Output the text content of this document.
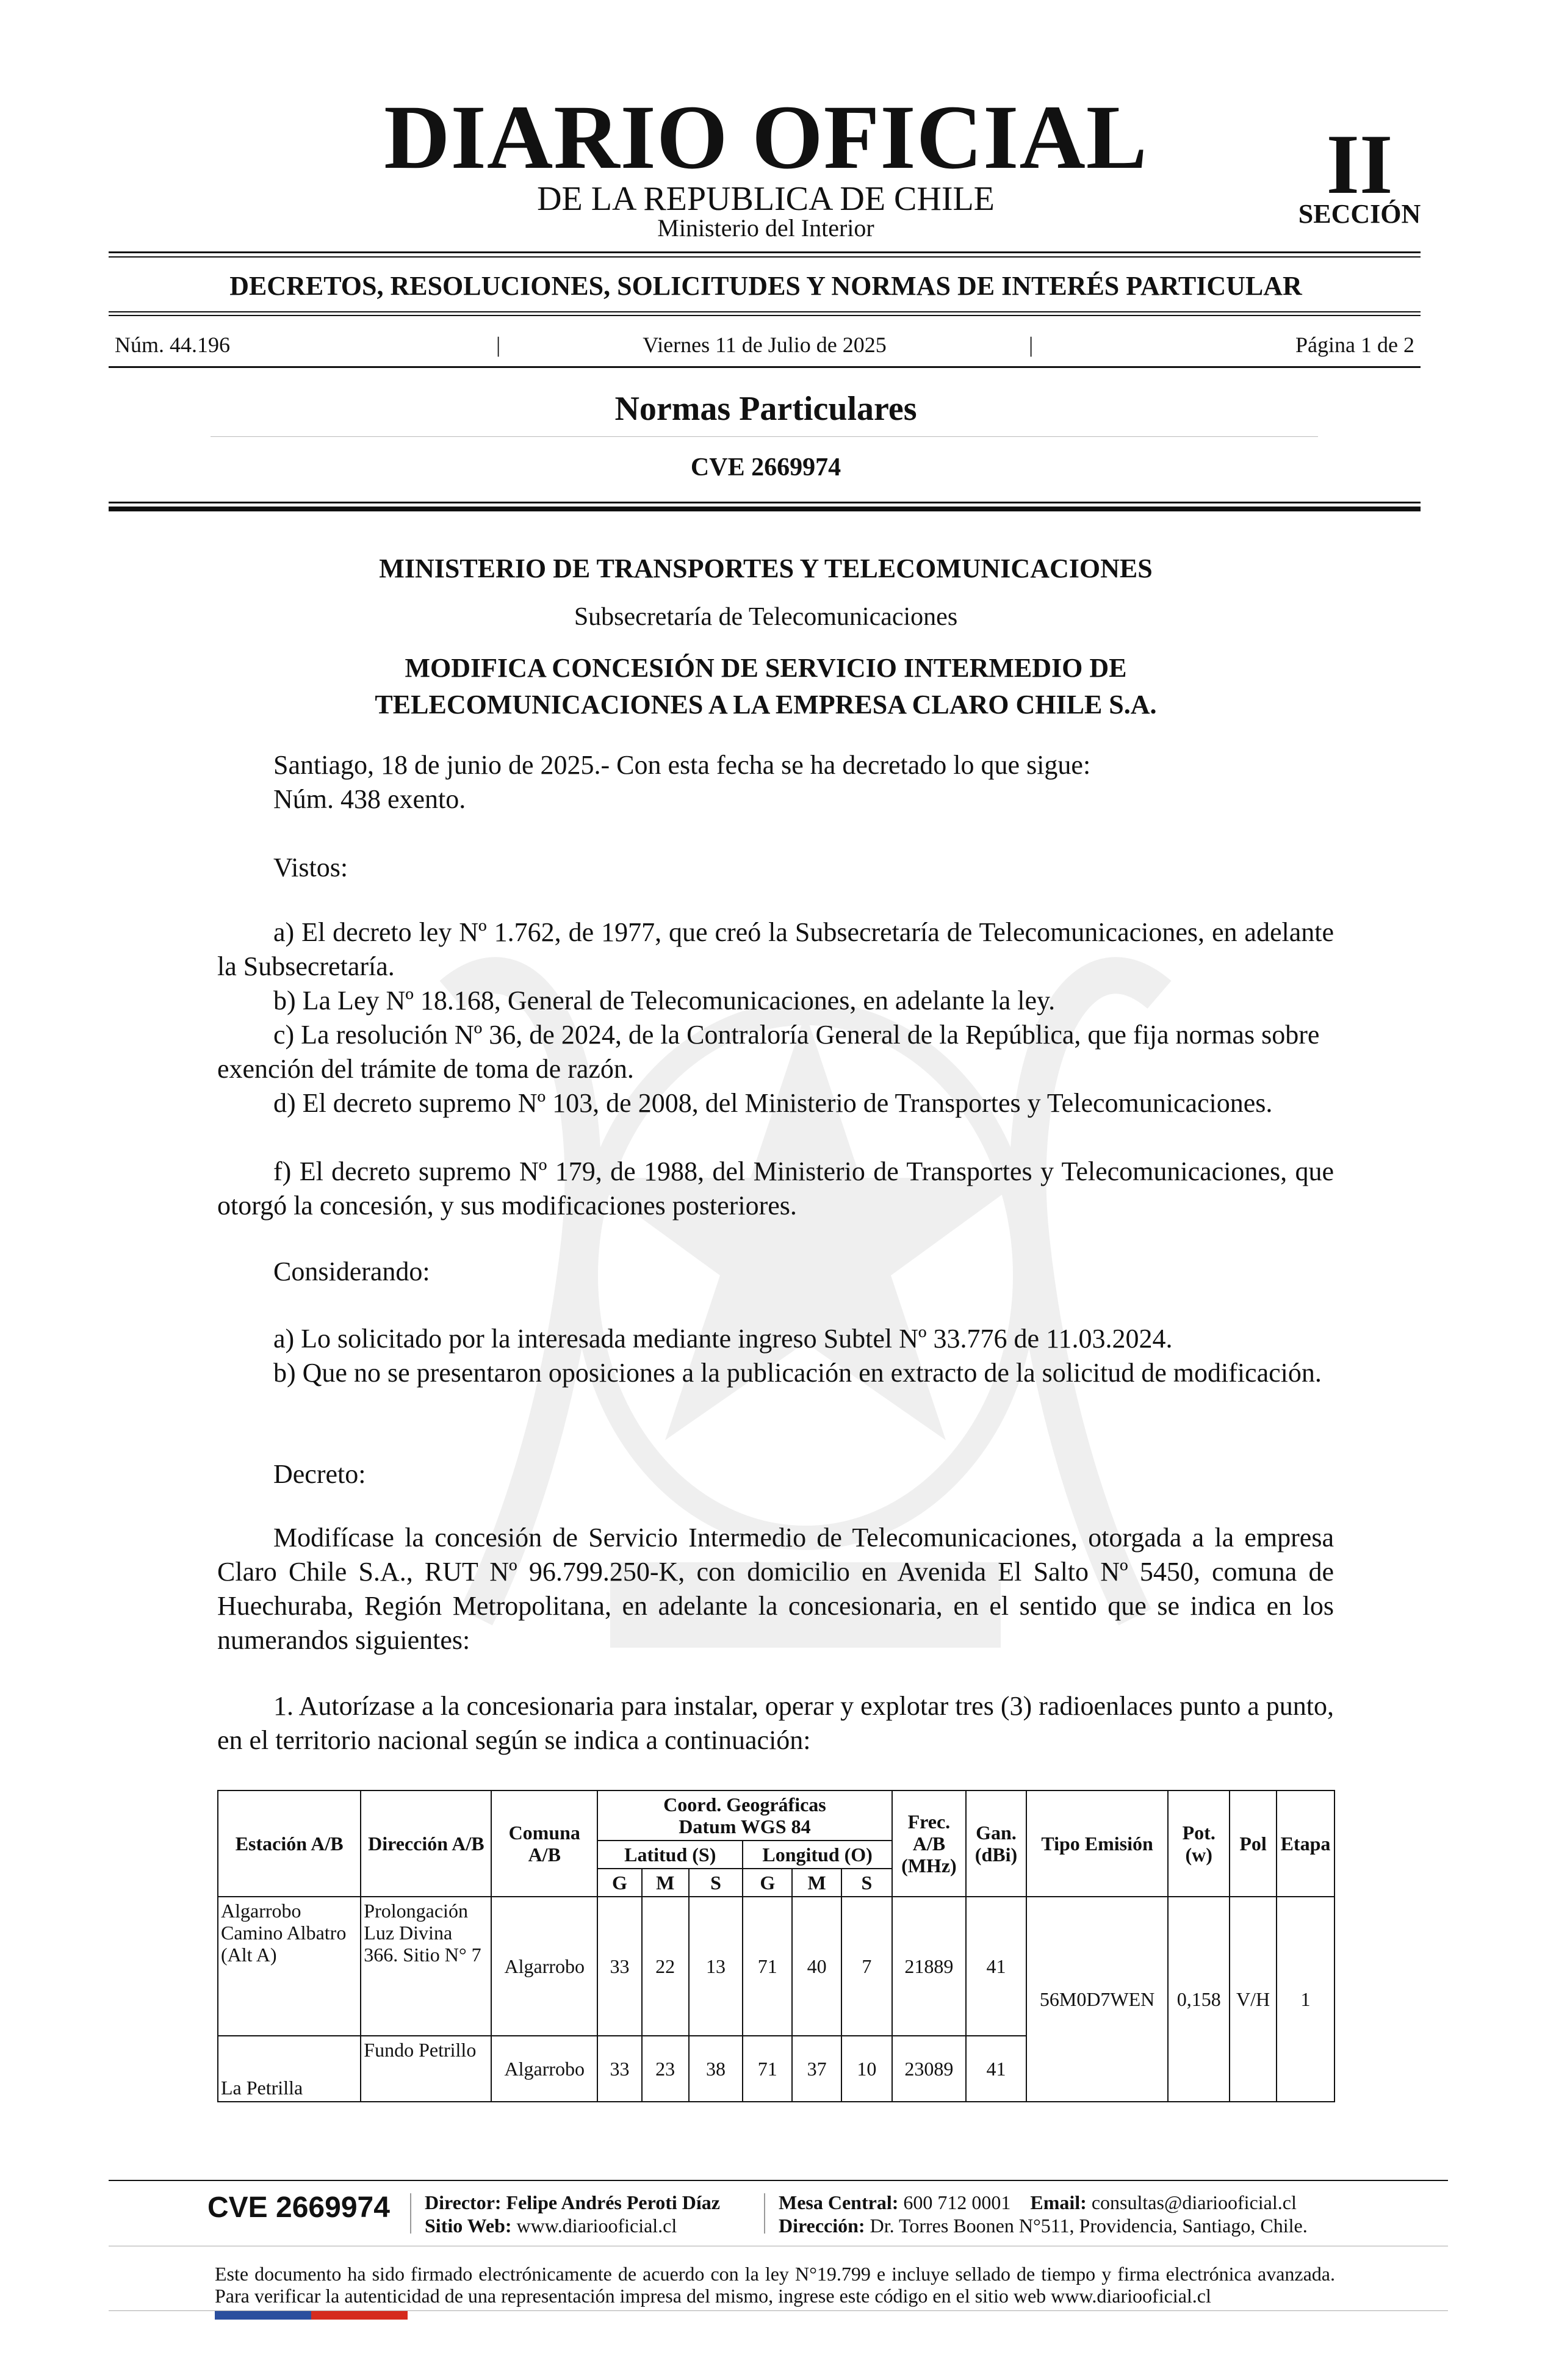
DIARIO OFICIAL
DE LA REPUBLICA DE CHILE
Ministerio del Interior
II
SECCIÓN
DECRETOS, RESOLUCIONES, SOLICITUDES Y NORMAS DE INTERÉS PARTICULAR
Núm. 44.196	|	Viernes 11 de Julio de 2025	|	Página 1 de 2
Normas Particulares
CVE 2669974
MINISTERIO DE TRANSPORTES Y TELECOMUNICACIONES
Subsecretaría de Telecomunicaciones
MODIFICA CONCESIÓN DE SERVICIO INTERMEDIO DE
TELECOMUNICACIONES A LA EMPRESA CLARO CHILE S.A.
Santiago, 18 de junio de 2025.- Con esta fecha se ha decretado lo que sigue:
Núm. 438 exento.
Vistos:
a) El decreto ley Nº 1.762, de 1977, que creó la Subsecretaría de Telecomunicaciones, en adelante la Subsecretaría.
b) La Ley Nº 18.168, General de Telecomunicaciones, en adelante la ley.
c) La resolución Nº 36, de 2024, de la Contraloría General de la República, que fija normas sobre exención del trámite de toma de razón.
d) El decreto supremo Nº 103, de 2008, del Ministerio de Transportes y Telecomunicaciones.
f) El decreto supremo Nº 179, de 1988, del Ministerio de Transportes y Telecomunicaciones, que otorgó la concesión, y sus modificaciones posteriores.
Considerando:
a) Lo solicitado por la interesada mediante ingreso Subtel Nº 33.776 de 11.03.2024.
b) Que no se presentaron oposiciones a la publicación en extracto de la solicitud de modificación.
Decreto:
Modifícase la concesión de Servicio Intermedio de Telecomunicaciones, otorgada a la empresa Claro Chile S.A., RUT Nº 96.799.250-K, con domicilio en Avenida El Salto Nº 5450, comuna de Huechuraba, Región Metropolitana, en adelante la concesionaria, en el sentido que se indica en los numerandos siguientes:
1. Autorízase a la concesionaria para instalar, operar y explotar tres (3) radioenlaces punto a punto, en el territorio nacional según se indica a continuación:
Estación A/B	Dirección A/B	Comuna A/B	Coord. Geográficas
Datum WGS 84						Frec. A/B (MHz)	Gan. (dBi)	Tipo Emisión	Pot. (w)	Pol	Etapa
			Latitud (S)			Longitud (O)								
			G	M	S	G	M	S						
Algarrobo Camino Albatro (Alt A)	Prolongación Luz Divina 366. Sitio N° 7	Algarrobo	33	22	13	71	40	7	21889	41	56M0D7WEN	0,158	V/H	1
La Petrilla	Fundo Petrillo	Algarrobo	33	23	38	71	37	10	23089	41				
CVE 2669974	Director: Felipe Andrés Peroti Díaz
Sitio Web: www.diariooficial.cl
Mesa Central: 600 712 0001 Email: consultas@diariooficial.cl
Dirección: Dr. Torres Boonen N°511, Providencia, Santiago, Chile.
Este documento ha sido firmado electrónicamente de acuerdo con la ley N°19.799 e incluye sellado de tiempo y firma electrónica avanzada. Para verificar la autenticidad de una representación impresa del mismo, ingrese este código en el sitio web www.diariooficial.cl
